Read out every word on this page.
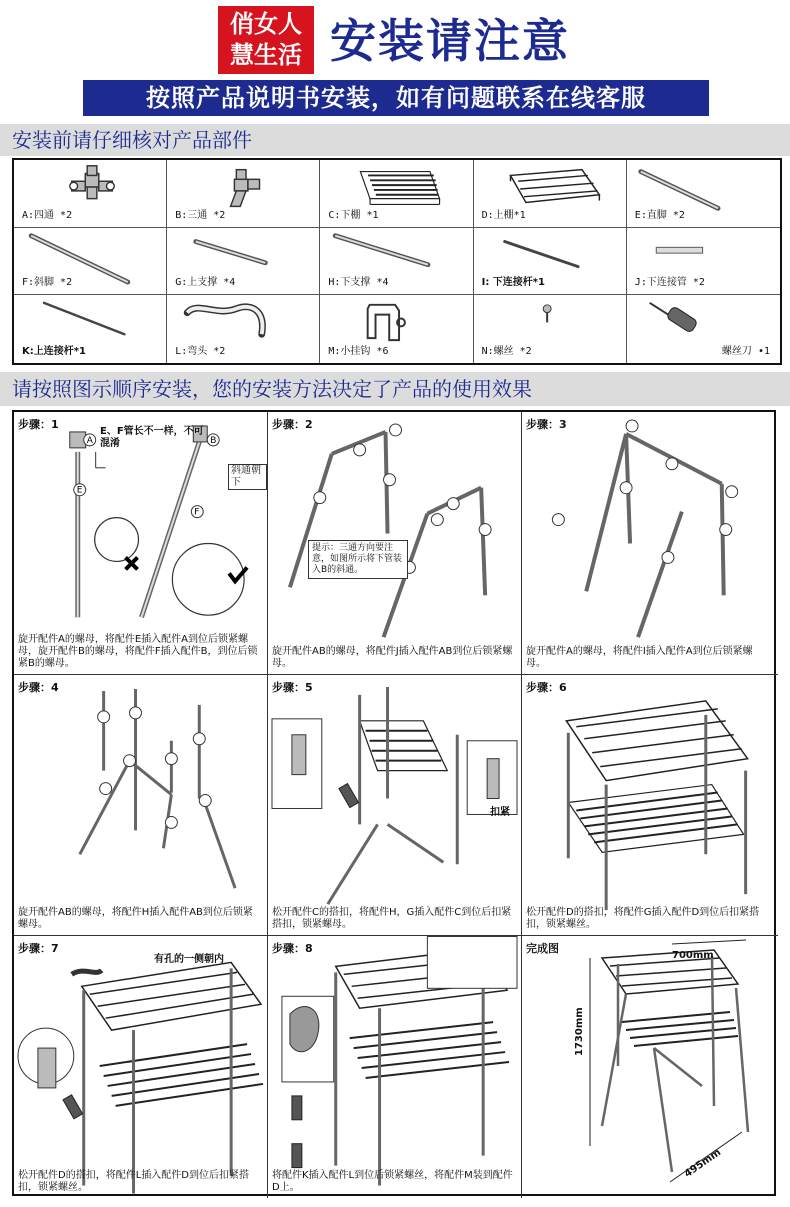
俏女人
慧生活 安装请注意
按照产品说明书安装，如有问题联系在线客服
安装前请仔细核对产品部件
A:四通 *2	B:三通 *2	C:下棚 *1	D:上棚*1	E:直脚 *2
F:斜脚 *2	G:上支撑 *4	H:下支撑 *4	I: 下连接杆*1	J:下连接管 *2
K:上连接杆*1	L:弯头 *2	M:小挂钩 *6	N:螺丝 *2	螺丝刀 •1
请按照图示顺序安装，您的安装方法决定了产品的使用效果
步骤：1
E
F
A	B
E、F管长不一样，不可混淆
斜通朝下
旋开配件A的螺母，将配件E插入配件A到位后锁紧螺母，旋开配件B的螺母，将配件F插入配件B，到位后锁紧B的螺母。
步骤：2
提示：三通方向要注意，如图所示将下管装入B的斜通。
旋开配件AB的螺母，将配件J插入配件AB到位后锁紧螺母。
步骤：3
旋开配件A的螺母，将配件I插入配件A到位后锁紧螺母。
步骤：4
旋开配件AB的螺母，将配件H插入配件AB到位后锁紧螺母。
步骤：5
扣紧
松开配件C的搭扣，将配件H，G插入配件C到位后扣紧搭扣，锁紧螺母。
步骤：6
松开配件D的搭扣，将配件G插入配件D到位后扣紧搭扣，锁紧螺丝。
步骤：7
有孔的一侧朝内
松开配件D的搭扣，将配件L插入配件D到位后扣紧搭扣，锁紧螺丝。
步骤：8
将配件K插入配件L到位后锁紧螺丝，将配件M装到配件D上。
完成图
700mm
1730mm
495mm
